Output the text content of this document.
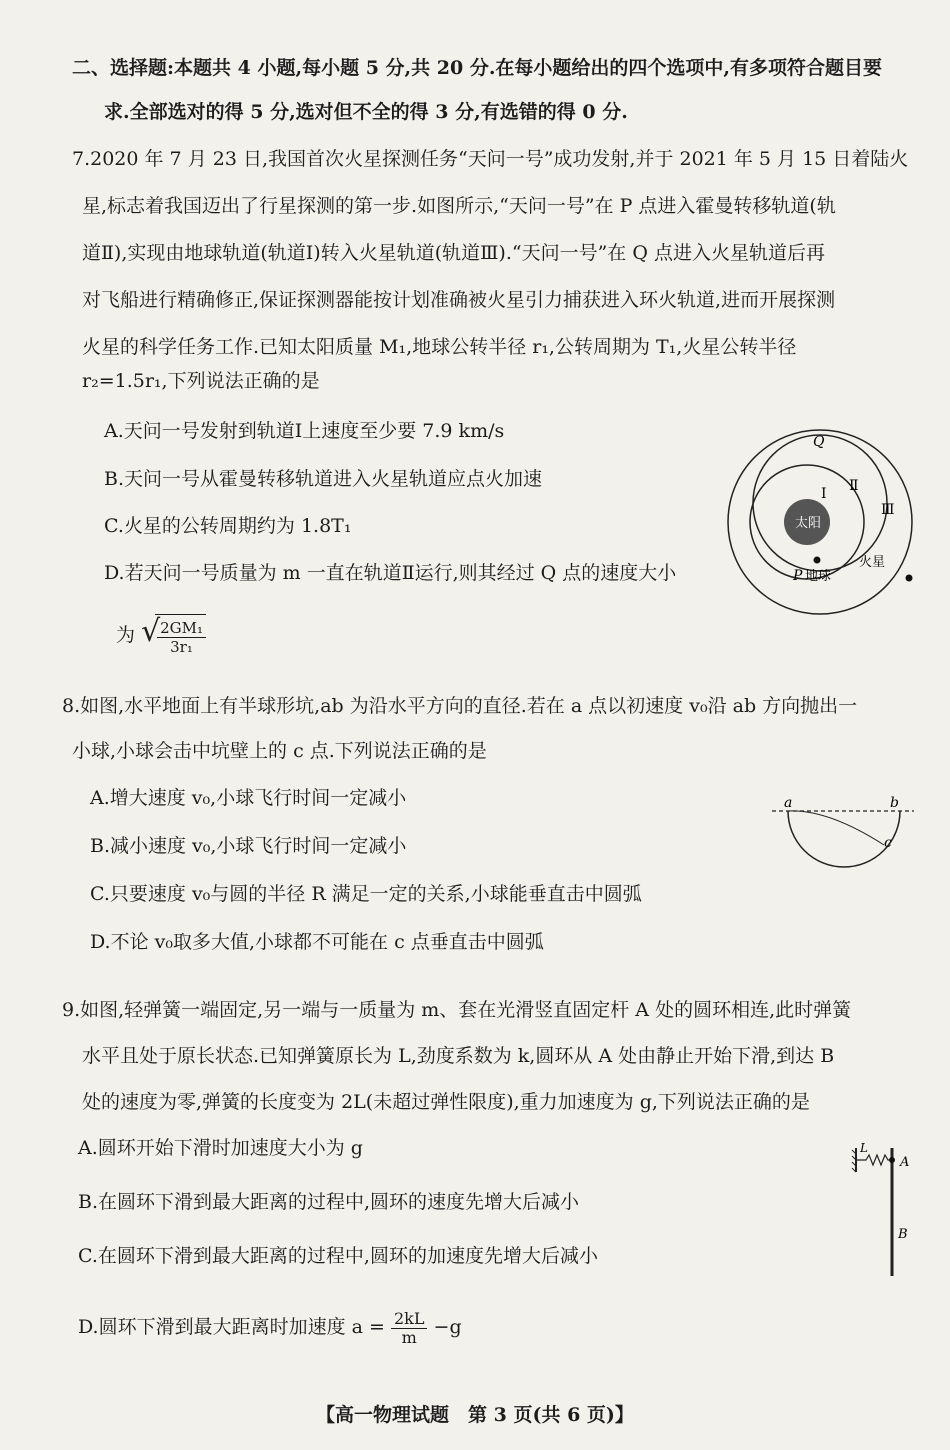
二、选择题:本题共 4 小题,每小题 5 分,共 20 分.在每小题给出的四个选项中,有多项符合题目要
求.全部选对的得 5 分,选对但不全的得 3 分,有选错的得 0 分.
7.2020 年 7 月 23 日,我国首次火星探测任务“天问一号”成功发射,并于 2021 年 5 月 15 日着陆火
星,标志着我国迈出了行星探测的第一步.如图所示,“天问一号”在 P 点进入霍曼转移轨道(轨
道Ⅱ),实现由地球轨道(轨道Ⅰ)转入火星轨道(轨道Ⅲ).“天问一号”在 Q 点进入火星轨道后再
对飞船进行精确修正,保证探测器能按计划准确被火星引力捕获进入环火轨道,进而开展探测
火星的科学任务工作.已知太阳质量 M₁,地球公转半径 r₁,公转周期为 T₁,火星公转半径
r₂=1.5r₁,下列说法正确的是
A.天问一号发射到轨道Ⅰ上速度至少要 7.9 km/s
B.天问一号从霍曼转移轨道进入火星轨道应点火加速
C.火星的公转周期约为 1.8T₁
D.若天问一号质量为 m 一直在轨道Ⅱ运行,则其经过 Q 点的速度大小
为 √
$\frac{\text{2GM₁}}{\text{3r₁}}$
太阳
Q
Ⅰ Ⅱ
Ⅲ
P 地球
火星
8.如图,水平地面上有半球形坑,ab 为沿水平方向的直径.若在 a 点以初速度 v₀沿 ab 方向抛出一
小球,小球会击中坑壁上的 c 点.下列说法正确的是
A.增大速度 v₀,小球飞行时间一定减小
B.减小速度 v₀,小球飞行时间一定减小
C.只要速度 v₀与圆的半径 R 满足一定的关系,小球能垂直击中圆弧
D.不论 v₀取多大值,小球都不可能在 c 点垂直击中圆弧
a	b
c
9.如图,轻弹簧一端固定,另一端与一质量为 m、套在光滑竖直固定杆 A 处的圆环相连,此时弹簧
水平且处于原长状态.已知弹簧原长为 L,劲度系数为 k,圆环从 A 处由静止开始下滑,到达 B
处的速度为零,弹簧的长度变为 2L(未超过弹性限度),重力加速度为 g,下列说法正确的是
A.圆环开始下滑时加速度大小为 g
B.在圆环下滑到最大距离的过程中,圆环的速度先增大后减小
C.在圆环下滑到最大距离的过程中,圆环的加速度先增大后减小
D.圆环下滑到最大距离时加速度 $a = \frac{2kL}{m} -g$
L
A
B
【高一物理试题　第 3 页(共 6 页)】
